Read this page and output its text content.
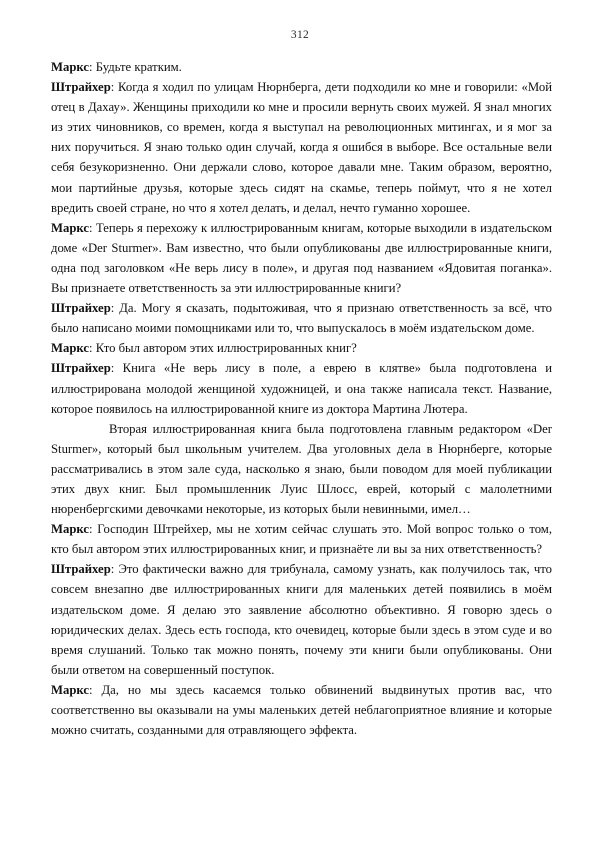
312

Маркс: Будьте кратким.

Штрайхер: Когда я ходил по улицам Нюрнберга, дети подходили ко мне и говорили: «Мой отец в Дахау». Женщины приходили ко мне и просили вернуть своих мужей. Я знал многих из этих чиновников, со времен, когда я выступал на революционных митингах, и я мог за них поручиться. Я знаю только один случай, когда я ошибся в выборе. Все остальные вели себя безукоризненно. Они держали слово, которое давали мне. Таким образом, вероятно, мои партийные друзья, которые здесь сидят на скамье, теперь поймут, что я не хотел вредить своей стране, но что я хотел делать, и делал, нечто гуманно хорошее.

Маркс: Теперь я перехожу к иллюстрированным книгам, которые выходили в издательском доме «Der Sturmer». Вам известно, что были опубликованы две иллюстрированные книги, одна под заголовком «Не верь лису в поле», и другая под названием «Ядовитая поганка». Вы признаете ответственность за эти иллюстрированные книги?

Штрайхер: Да. Могу я сказать, подытоживая, что я признаю ответственность за всё, что было написано моими помощниками или то, что выпускалось в моём издательском доме.

Маркс: Кто был автором этих иллюстрированных книг?

Штрайхер: Книга «Не верь лису в поле, а еврею в клятве» была подготовлена и иллюстрирована молодой женщиной художницей, и она также написала текст. Название, которое появилось на иллюстрированной книге из доктора Мартина Лютера.

Вторая иллюстрированная книга была подготовлена главным редактором «Der Sturmer», который был школьным учителем. Два уголовных дела в Нюрнберге, которые рассматривались в этом зале суда, насколько я знаю, были поводом для моей публикации этих двух книг. Был промышленник Луис Шлосс, еврей, который с малолетними нюренбергскими девочками некоторые, из которых были невинными, имел…

Маркс: Господин Штрейхер, мы не хотим сейчас слушать это. Мой вопрос только о том, кто был автором этих иллюстрированных книг, и признаёте ли вы за них ответственность?

Штрайхер: Это фактически важно для трибунала, самому узнать, как получилось так, что совсем внезапно две иллюстрированных книги для маленьких детей появились в моём издательском доме. Я делаю это заявление абсолютно объективно. Я говорю здесь о юридических делах. Здесь есть господа, кто очевидец, которые были здесь в этом суде и во время слушаний. Только так можно понять, почему эти книги были опубликованы. Они были ответом на совершенный поступок.

Маркс: Да, но мы здесь касаемся только обвинений выдвинутых против вас, что соответственно вы оказывали на умы маленьких детей неблагоприятное влияние и которые можно считать, созданными для отравляющего эффекта.
